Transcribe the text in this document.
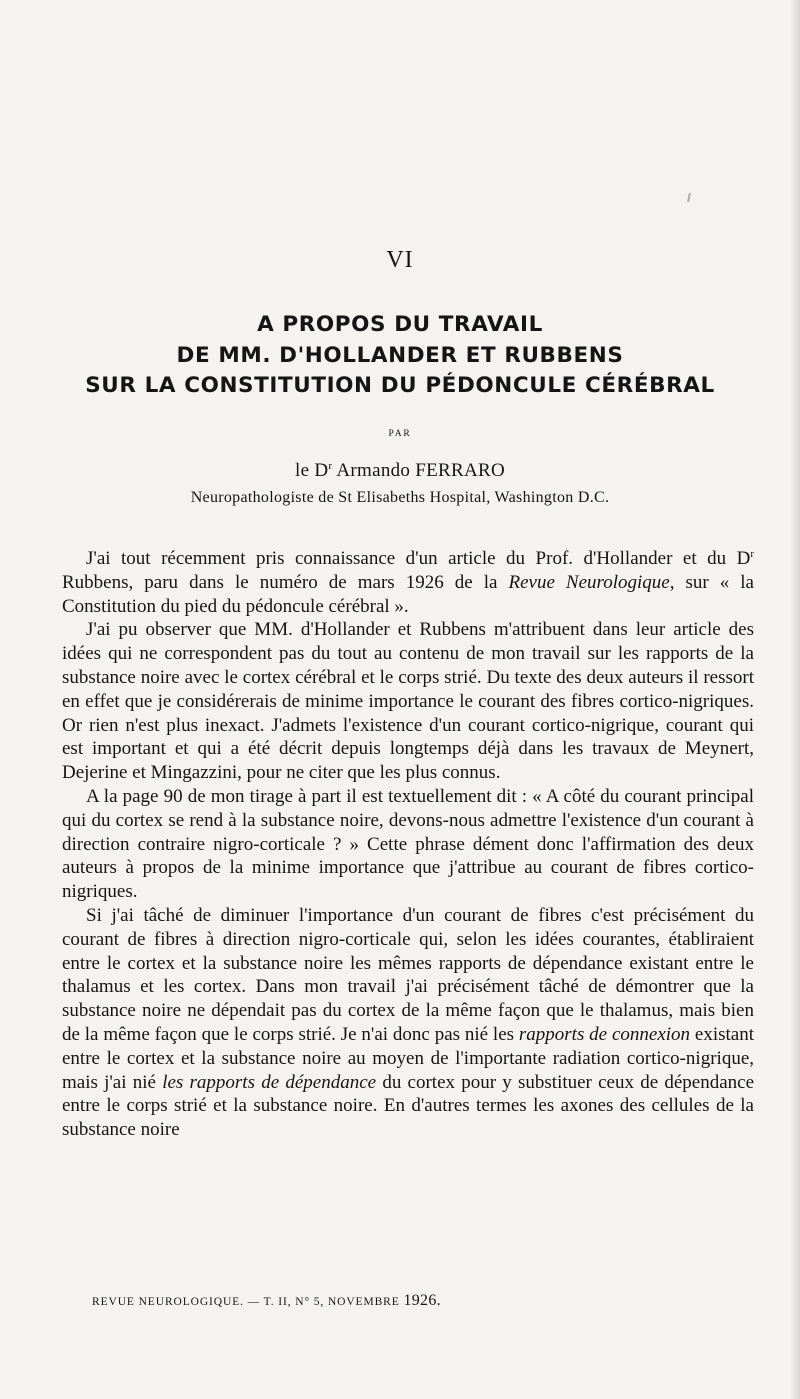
VI
A PROPOS DU TRAVAIL
DE MM. D'HOLLANDER ET RUBBENS
SUR LA CONSTITUTION DU PÉDONCULE CÉRÉBRAL
PAR
le $D^r$ Armando FERRARO
Neuropathologiste de St Elisabeths Hospital, Washington D.C.

J'ai tout récemment pris connaissance d'un article du Prof. d'Hollander et du $D^r$ Rubbens, paru dans le numéro de mars 1926 de la Revue Neurologique, sur « la Constitution du pied du pédoncule cérébral ».

J'ai pu observer que MM. d'Hollander et Rubbens m'attribuent dans leur article des idées qui ne correspondent pas du tout au contenu de mon travail sur les rapports de la substance noire avec le cortex cérébral et le corps strié. Du texte des deux auteurs il ressort en effet que je considérerais de minime importance le courant des fibres cortico-nigriques. Or rien n'est plus inexact. J'admets l'existence d'un courant cortico-nigrique, courant qui est important et qui a été décrit depuis longtemps déjà dans les travaux de Meynert, Dejerine et Mingazzini, pour ne citer que les plus connus.

A la page 90 de mon tirage à part il est textuellement dit : « A côté du courant principal qui du cortex se rend à la substance noire, devons-nous admettre l'existence d'un courant à direction contraire nigro-corticale ? » Cette phrase dément donc l'affirmation des deux auteurs à propos de la minime importance que j'attribue au courant de fibres cortico-nigriques.

Si j'ai tâché de diminuer l'importance d'un courant de fibres c'est précisément du courant de fibres à direction nigro-corticale qui, selon les idées courantes, établiraient entre le cortex et la substance noire les mêmes rapports de dépendance existant entre le thalamus et les cortex. Dans mon travail j'ai précisément tâché de démontrer que la substance noire ne dépendait pas du cortex de la même façon que le thalamus, mais bien de la même façon que le corps strié. Je n'ai donc pas nié les rapports de connexion existant entre le cortex et la substance noire au moyen de l'importante radiation cortico-nigrique, mais j'ai nié les rapports de dépendance du cortex pour y substituer ceux de dépendance entre le corps strié et la substance noire. En d'autres termes les axones des cellules de la substance noire

REVUE NEUROLOGIQUE. — T. II, N° 5, NOVEMBRE 1926.
